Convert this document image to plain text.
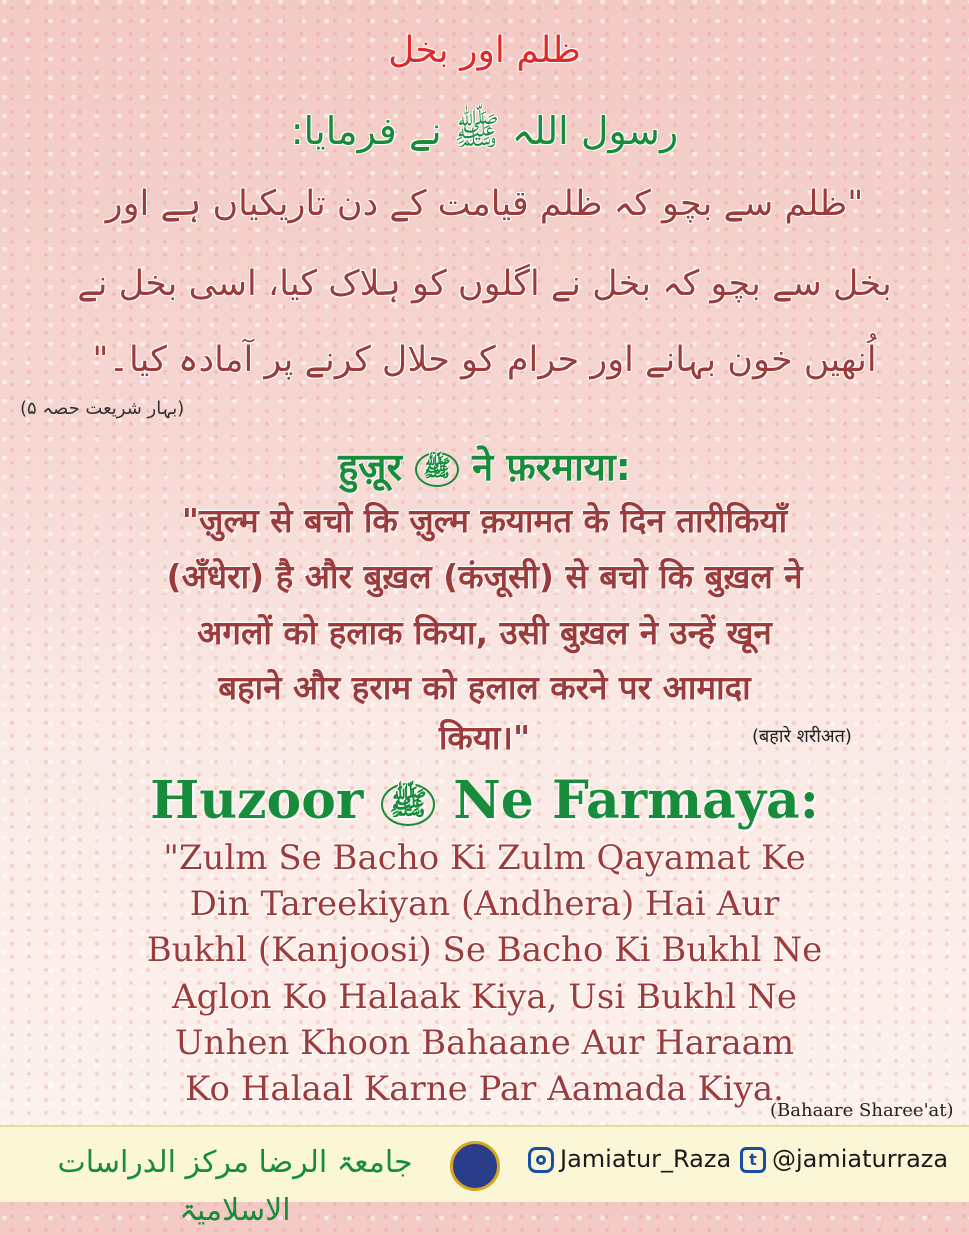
ظلم اور بخل
رسول اللہ ﷺ نے فرمایا:
"ظلم سے بچو کہ ظلم قیامت کے دن تاریکیاں ہے اور
بخل سے بچو کہ بخل نے اگلوں کو ہلاک کیا، اسی بخل نے
اُنھیں خون بہانے اور حرام کو حلال کرنے پر آمادہ کیا۔"
(بہار شریعت حصہ ۵)
हुज़ूर ﷺ ने फ़रमाया:
"ज़ुल्म से बचो कि ज़ुल्म क़यामत के दिन तारीकियाँ
(अँधेरा) है और बुख़ल (कंजूसी) से बचो कि बुख़ल ने
अगलों को हलाक किया, उसी बुख़ल ने उन्हें खून
बहाने और हराम को हलाल करने पर आमादा
किया।"	(बहारे शरीअत)
Huzoor ﷺ Ne Farmaya:
"Zulm Se Bacho Ki Zulm Qayamat Ke
Din Tareekiyan (Andhera) Hai Aur
Bukhl (Kanjoosi) Se Bacho Ki Bukhl Ne
Aglon Ko Halaak Kiya, Usi Bukhl Ne
Unhen Khoon Bahaane Aur Haraam
Ko Halaal Karne Par Aamada Kiya.
(Bahaare Sharee'at)
جامعۃ الرضا مرکز الدراسات الاسلامیۃ
Jamiatur_Raza	t @jamiaturraza
